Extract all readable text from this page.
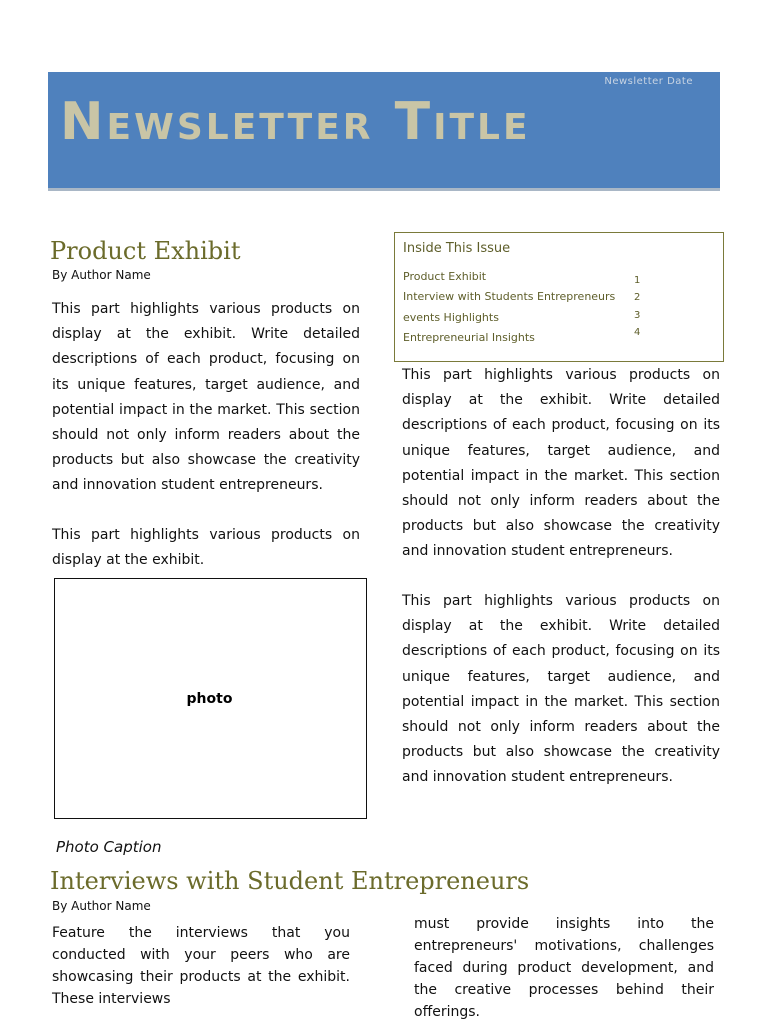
Newsletter Date
Newsletter Title
Product Exhibit

By Author Name

This part highlights various products on display at the exhibit. Write detailed descriptions of each product, focusing on its unique features, target audience, and potential impact in the market. This section should not only inform readers about the products but also showcase the creativity and innovation student entrepreneurs.

This part highlights various products on display at the exhibit.

photo

Photo Caption

Inside This Issue

Product Exhibit	1
Interview with Students Entrepreneurs	2
events Highlights	3
Entrepreneurial Insights	4

This part highlights various products on display at the exhibit. Write detailed descriptions of each product, focusing on its unique features, target audience, and potential impact in the market. This section should not only inform readers about the products but also showcase the creativity and innovation student entrepreneurs.

This part highlights various products on display at the exhibit. Write detailed descriptions of each product, focusing on its unique features, target audience, and potential impact in the market. This section should not only inform readers about the products but also showcase the creativity and innovation student entrepreneurs.

Interviews with Student Entrepreneurs

By Author Name

Feature the interviews that you conducted with your peers who are showcasing their products at the exhibit. These interviews

must provide insights into the entrepreneurs' motivations, challenges faced during product development, and the creative processes behind their offerings.
